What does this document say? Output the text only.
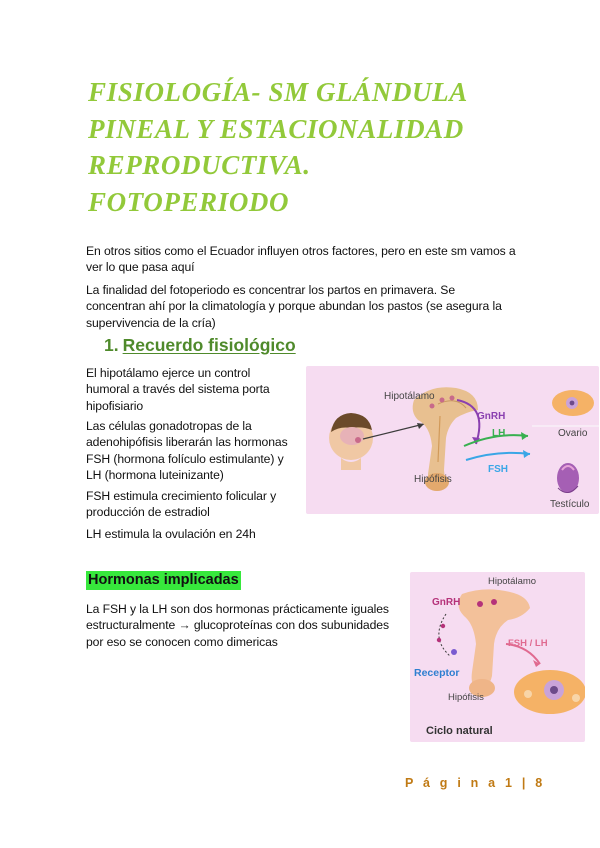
FISIOLOGÍA- SM GLÁNDULA
PINEAL Y ESTACIONALIDAD
REPRODUCTIVA.
FOTOPERIODO

En otros sitios como el Ecuador influyen otros factores, pero en este sm vamos a ver lo que pasa aquí

La finalidad del fotoperiodo es concentrar los partos en primavera. Se concentran ahí por la climatología y porque abundan los pastos (se asegura la supervivencia de la cría)

1. Recuerdo fisiológico

El hipotálamo ejerce un control humoral a través del sistema porta hipofisiario

Las células gonadotropas de la adenohipófisis liberarán las hormonas FSH (hormona folículo estimulante) y LH (hormona luteinizante)

FSH estimula crecimiento folicular y producción de estradiol

LH estimula la ovulación en 24h

GnRH
Hipotálamo
LH
FSH
Hipófisis
Ovario
Testículo
Hormonas implicadas

La FSH y la LH son dos hormonas prácticamente iguales estructuralmente → glucoproteínas con dos subunidades por eso se conocen como dimericas

Hipotálamo
GnRH
FSH / LH
Receptor
Hipófisis
Ciclo natural
P á g i n a 1 | 8
